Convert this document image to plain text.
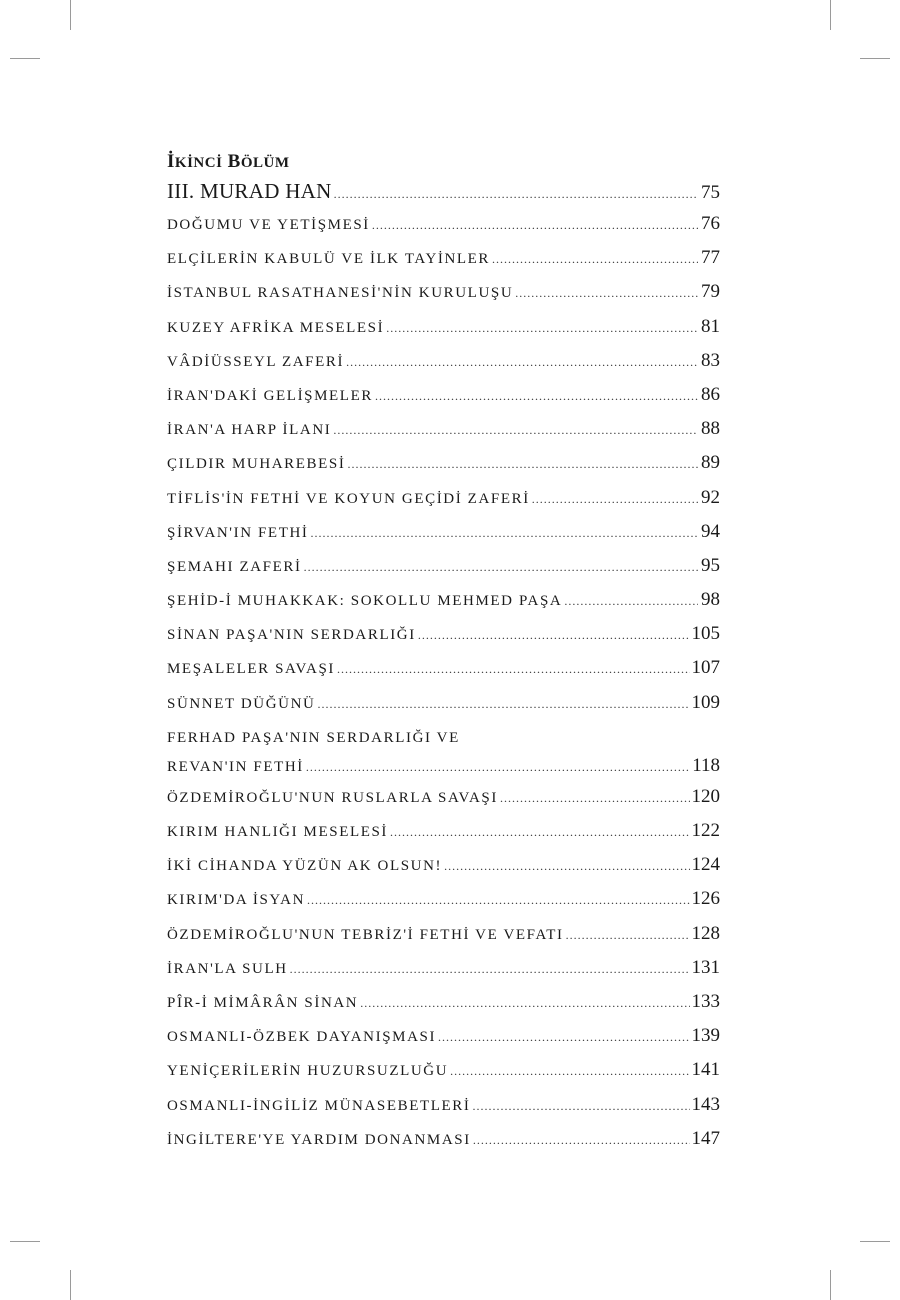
İKİNCİ BÖLÜM
III. MURAD HAN .....	75
DOĞUMU VE YETİŞMESİ .....	76
ELÇİLERİN KABULÜ VE İLK TAYİNLER .....	77
İSTANBUL RASATHANESİ'NİN KURULUŞU .....	79
KUZEY AFRİKA MESELESİ .....	81
VÂDİÜSSEYL ZAFERİ .....	83
İRAN'DAKİ GELİŞMELER .....	86
İRAN'A HARP İLANI .....	88
ÇILDIR MUHAREBESİ .....	89
TİFLİS'İN FETHİ VE KOYUN GEÇİDİ ZAFERİ .....	92
ŞİRVAN'IN FETHİ .....	94
ŞEMAHI ZAFERİ .....	95
ŞEHİD-İ MUHAKKAK: SOKOLLU MEHMED PAŞA .....	98
SİNAN PAŞA'NIN SERDARLIĞI .....	105
MEŞALELER SAVAŞI .....	107
SÜNNET DÜĞÜNÜ .....	109
FERHAD PAŞA'NIN SERDARLIĞI VE
REVAN'IN FETHİ .....	118
ÖZDEMİROĞLU'NUN RUSLARLA SAVAŞI .....	120
KIRIM HANLIĞI MESELESİ .....	122
İKİ CİHANDA YÜZÜN AK OLSUN! .....	124
KIRIM'DA İSYAN .....	126
ÖZDEMİROĞLU'NUN TEBRİZ'İ FETHİ VE VEFATI .....	128
İRAN'LA SULH .....	131
PÎR-İ MİMÂRÂN SİNAN .....	133
OSMANLI-ÖZBEK DAYANIŞMASI .....	139
YENİÇERİLERİN HUZURSUZLUĞU .....	141
OSMANLI-İNGİLİZ MÜNASEBETLERİ .....	143
İNGİLTERE'YE YARDIM DONANMASI .....	147
